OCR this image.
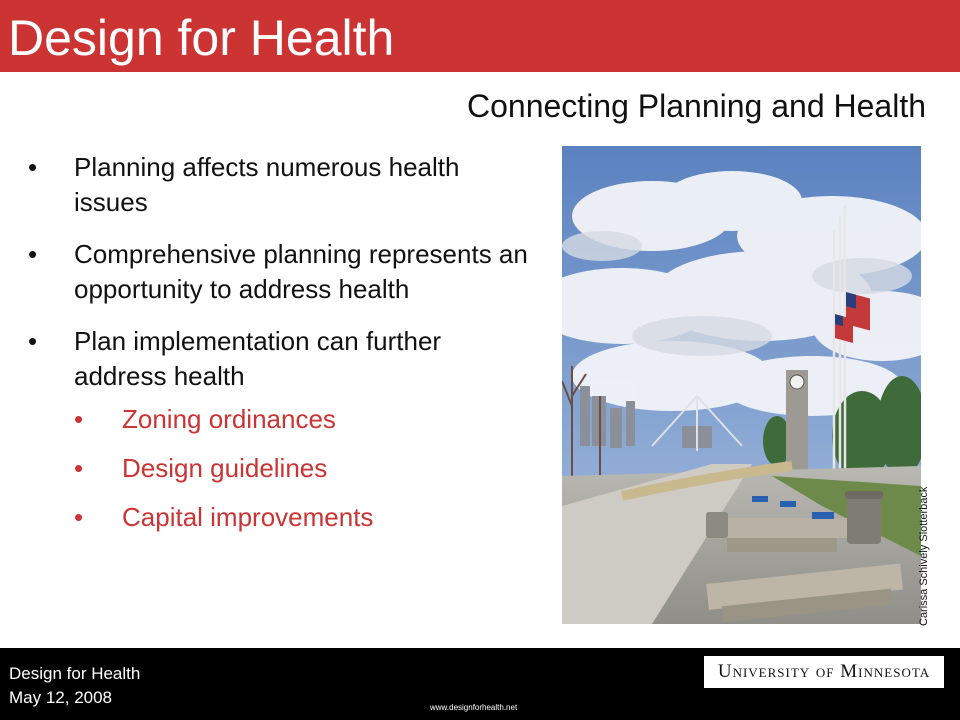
Design for Health
Connecting Planning and Health
• Planning affects numerous health issues
• Comprehensive planning represents an opportunity to address health
• Plan implementation can further address health
• Zoning ordinances
• Design guidelines
• Capital improvements	Carissa Schively Slotterback
Design for Health
May 12, 2008
www.designforhealth.net
University of Minnesota
